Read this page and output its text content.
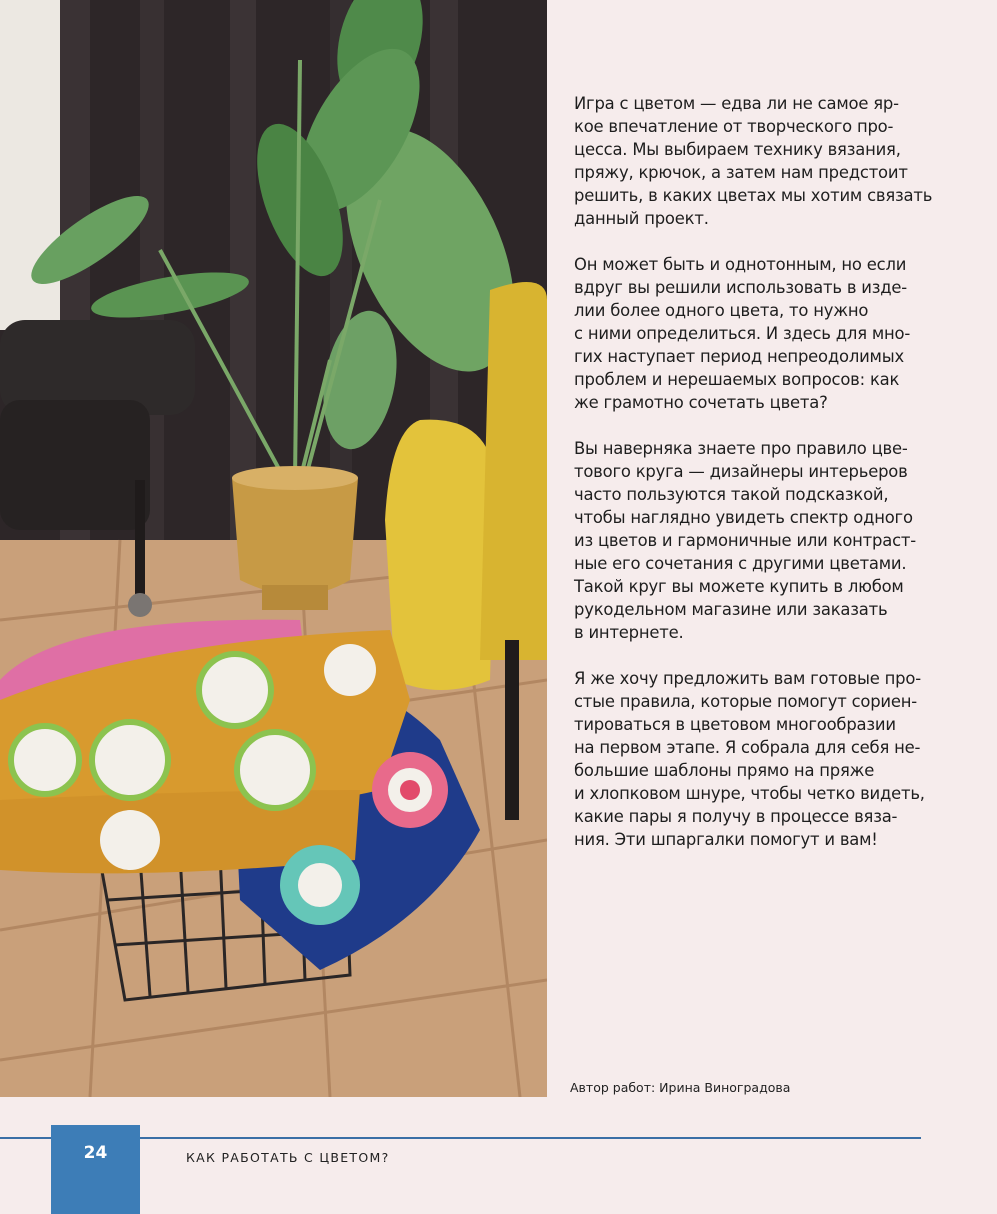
Игра с цветом — едва ли не самое яр-
кое впечатление от творческого про-
цесса. Мы выбираем технику вязания,
пряжу, крючок, а затем нам предстоит
решить, в каких цветах мы хотим связать
данный проект.

Он может быть и однотонным, но если
вдруг вы решили использовать в изде-
лии более одного цвета, то нужно
с ними определиться. И здесь для мно-
гих наступает период непреодолимых
проблем и нерешаемых вопросов: как
же грамотно сочетать цвета?

Вы наверняка знаете про правило цве-
тового круга — дизайнеры интерьеров
часто пользуются такой подсказкой,
чтобы наглядно увидеть спектр одного
из цветов и гармоничные или контраст-
ные его сочетания с другими цветами.
Такой круг вы можете купить в любом
рукодельном магазине или заказать
в интернете.

Я же хочу предложить вам готовые про-
стые правила, которые помогут сориен-
тироваться в цветовом многообразии
на первом этапе. Я собрала для себя не-
большие шаблоны прямо на пряже
и хлопковом шнуре, чтобы четко видеть,
какие пары я получу в процессе вяза-
ния. Эти шпаргалки помогут и вам!

Автор работ: Ирина Виноградова
24	КАК РАБОТАТЬ С ЦВЕТОМ?
